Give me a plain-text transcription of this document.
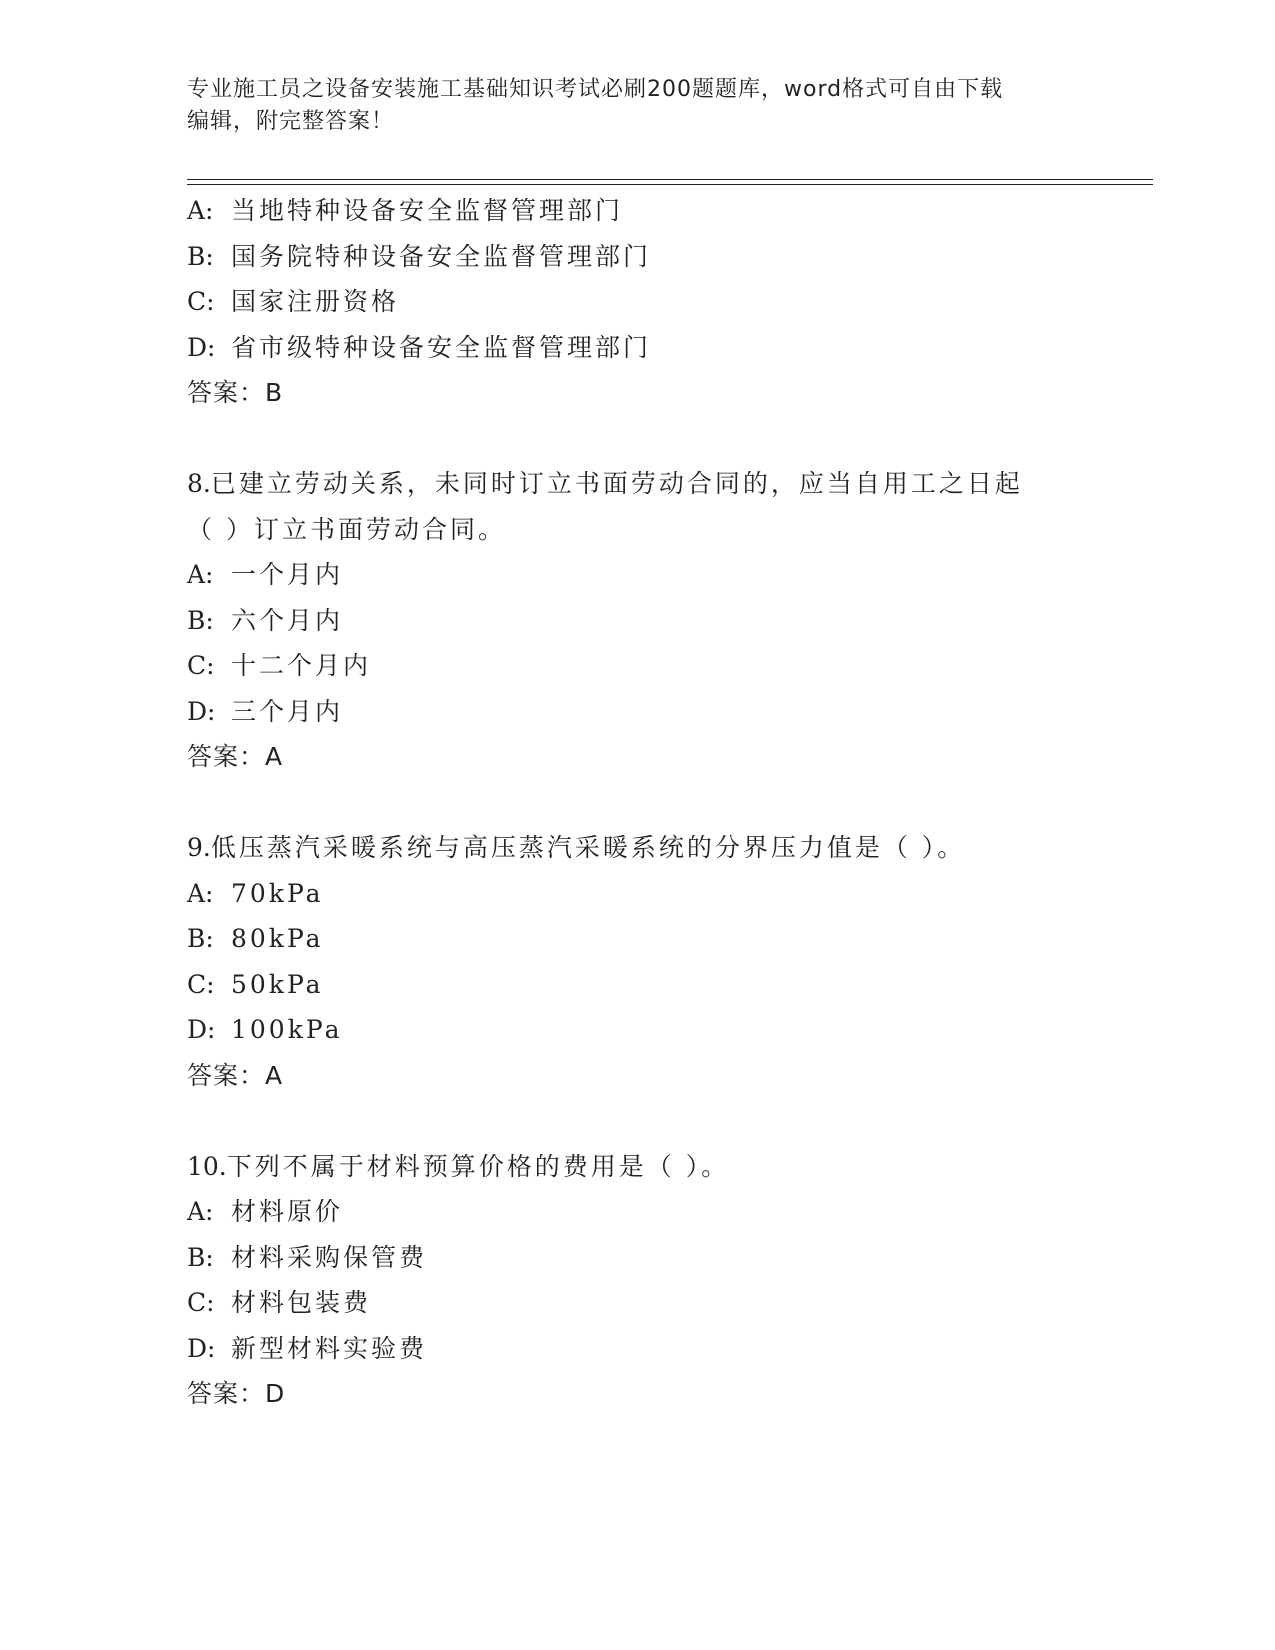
专业施工员之设备安装施工基础知识考试必刷200题题库，word格式可自由下载
编辑，附完整答案！
A: 当地特种设备安全监督管理部门
B: 国务院特种设备安全监督管理部门
C: 国家注册资格
D: 省市级特种设备安全监督管理部门
答案：B
8.已建立劳动关系，未同时订立书面劳动合同的，应当自用工之日起
（ ）订立书面劳动合同。
A: 一个月内
B: 六个月内
C: 十二个月内
D: 三个月内
答案：A
9.低压蒸汽采暖系统与高压蒸汽采暖系统的分界压力值是（ ）。
A: 70kPa
B: 80kPa
C: 50kPa
D: 100kPa
答案：A
10.下列不属于材料预算价格的费用是（ ）。
A: 材料原价
B: 材料采购保管费
C: 材料包装费
D: 新型材料实验费
答案：D
